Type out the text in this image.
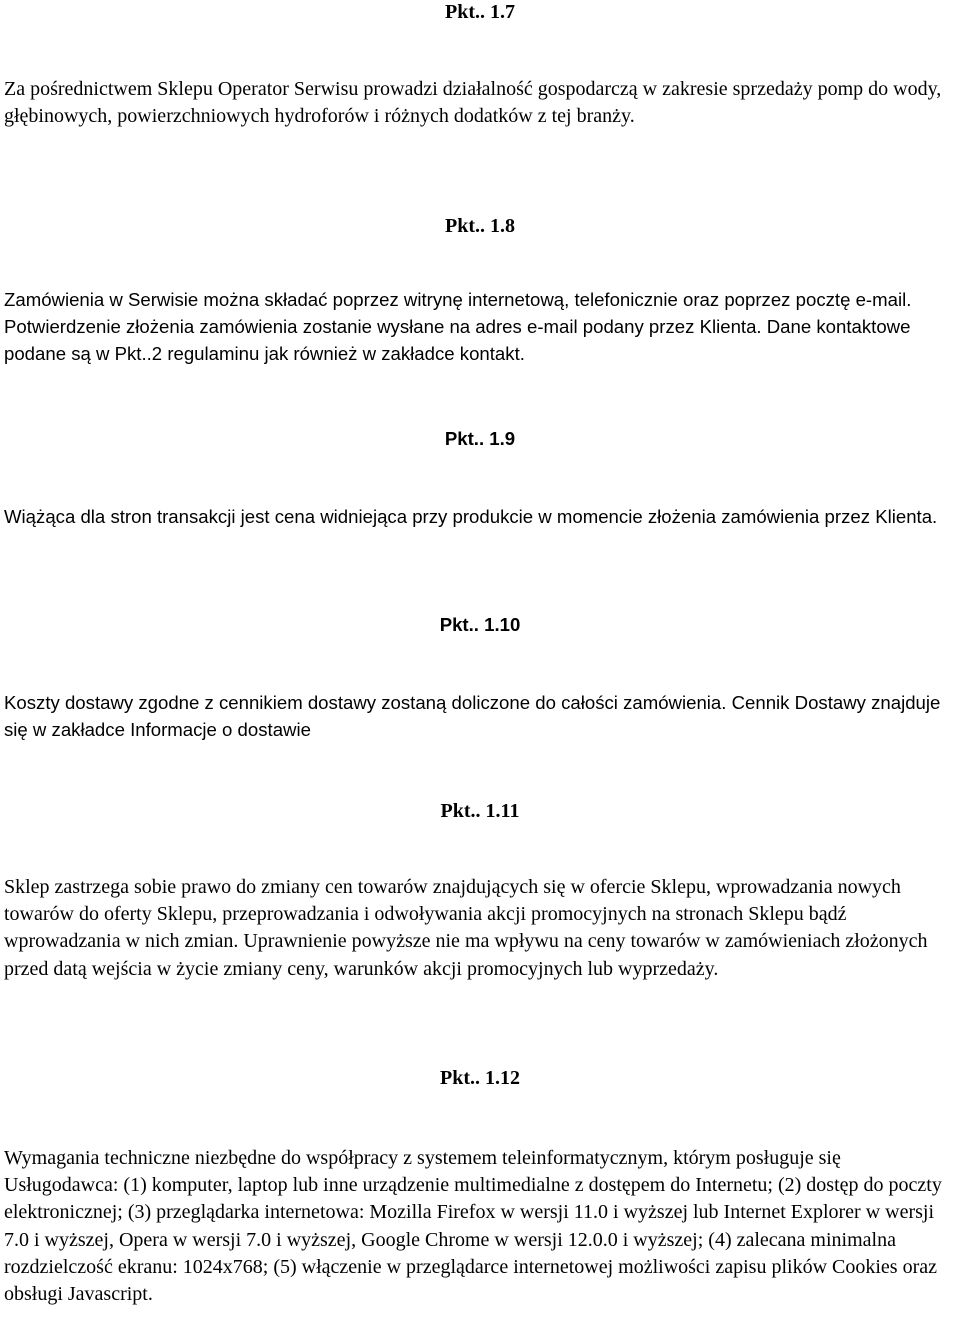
Pkt.. 1.7

Za pośrednictwem Sklepu Operator Serwisu prowadzi działalność gospodarczą w zakresie sprzedaży pomp do wody, głębinowych, powierzchniowych hydroforów i różnych dodatków z tej branży.

Pkt.. 1.8

Zamówienia w Serwisie można składać poprzez witrynę internetową, telefonicznie oraz poprzez pocztę e-mail. Potwierdzenie złożenia zamówienia zostanie wysłane na adres e-mail podany przez Klienta. Dane kontaktowe podane są w Pkt..2 regulaminu jak również w zakładce kontakt.

Pkt.. 1.9

Wiążąca dla stron transakcji jest cena widniejąca przy produkcie w momencie złożenia zamówienia przez Klienta.

Pkt.. 1.10

Koszty dostawy zgodne z cennikiem dostawy zostaną doliczone do całości zamówienia. Cennik Dostawy znajduje się w zakładce Informacje o dostawie

Pkt.. 1.11

Sklep zastrzega sobie prawo do zmiany cen towarów znajdujących się w ofercie Sklepu, wprowadzania nowych towarów do oferty Sklepu, przeprowadzania i odwoływania akcji promocyjnych na stronach Sklepu bądź wprowadzania w nich zmian. Uprawnienie powyższe nie ma wpływu na ceny towarów w zamówieniach złożonych przed datą wejścia w życie zmiany ceny, warunków akcji promocyjnych lub wyprzedaży.

Pkt.. 1.12

Wymagania techniczne niezbędne do współpracy z systemem teleinformatycznym, którym posługuje się Usługodawca: (1) komputer, laptop lub inne urządzenie multimedialne z dostępem do Internetu; (2) dostęp do poczty elektronicznej; (3) przeglądarka internetowa: Mozilla Firefox w wersji 11.0 i wyższej lub Internet Explorer w wersji 7.0 i wyższej, Opera w wersji 7.0 i wyższej, Google Chrome w wersji 12.0.0 i wyższej; (4) zalecana minimalna rozdzielczość ekranu: 1024x768; (5) włączenie w przeglądarce internetowej możliwości zapisu plików Cookies oraz obsługi Javascript.
